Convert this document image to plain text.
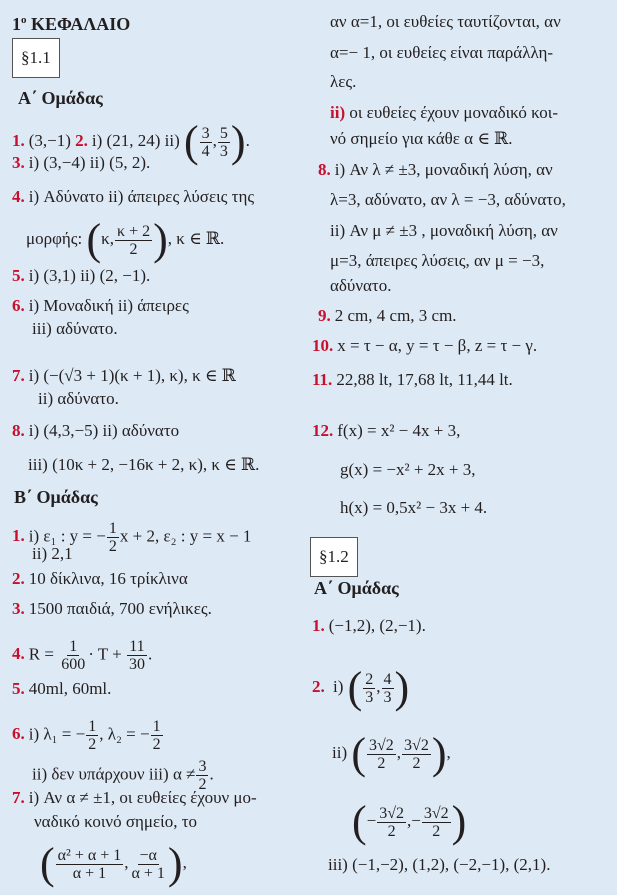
$1^o$ ΚΕΦΑΛΑΙΟ
§1.1
Α΄ Ομάδας
1. (3,−1) 2. i) (21, 24) ii) ( $\frac{3}{4}$ , $\frac{5}{3}$ ).
3. i) (3,−4) ii) (5, 2).
4. i) Αδύνατο ii) άπειρες λύσεις της
μορφής: (κ, $\frac{\kappa + 2}{2}$ ), κ ∈ ℝ.
5. i) (3,1) ii) (2, −1).
6. i) Μοναδική ii) άπειρες
iii) αδύνατο.
7. i) (−(√3 + 1)(κ + 1), κ), κ ∈ ℝ
ii) αδύνατο.
8. i) (4,3,−5) ii) αδύνατο
iii) (10κ + 2, −16κ + 2, κ), κ ∈ ℝ.
Β΄ Ομάδας
1. i) ε₁ : y = − $\frac{1}{2}$ x + 2, ε₂ : y = x − 1
ii) 2,1
2. 10 δίκλινα, 16 τρίκλινα
3. 1500 παιδιά, 700 ενήλικες.
4. $R = \frac{1}{600} \cdot T + \frac{11}{30}$ .
5. 40ml, 60ml.
6. i) λ₁ = − $\frac{1}{2}$ , λ₂ = − $\frac{1}{2}$
ii) δεν υπάρχουν iii) $\alpha \ne \frac{3}{2}$ .
7. i) Αν α ≠ ±1, οι ευθείες έχουν μο-
ναδικό κοινό σημείο, το
( $\frac{\text{α² + α + 1}}{\alpha + 1}$ , $\frac{-\alpha}{\alpha + 1}$ ),
αν α=1, οι ευθείες ταυτίζονται, αν
α=− 1, οι ευθείες είναι παράλλη-
λες.
ii) οι ευθείες έχουν μοναδικό κοι-
νό σημείο για κάθε α ∈ ℝ.
8. i) Αν λ ≠ ±3, μοναδική λύση, αν
λ=3, αδύνατο, αν λ = −3, αδύνατο,
ii) Αν μ ≠ ±3 , μοναδική λύση, αν
μ=3, άπειρες λύσεις, αν μ = −3,
αδύνατο.
9. 2 cm, 4 cm, 3 cm.
10. x = τ − α, y = τ − β, z = τ − γ.
11. 22,88 lt, 17,68 lt, 11,44 lt.
12. f(x) = x² − 4x + 3,
g(x) = −x² + 2x + 3,
h(x) = 0,5x² − 3x + 4.
§1.2
Α΄ Ομάδας
1. (−1,2), (2,−1).
2. i) ( $\frac{2}{3}$ , $\frac{4}{3}$ )
ii) ( $\frac{3√2}{2}$ , $\frac{3√2}{2}$ ),
(− $\frac{3√2}{2}$ ,− $\frac{3√2}{2}$ )
iii) (−1,−2), (1,2), (−2,−1), (2,1).
